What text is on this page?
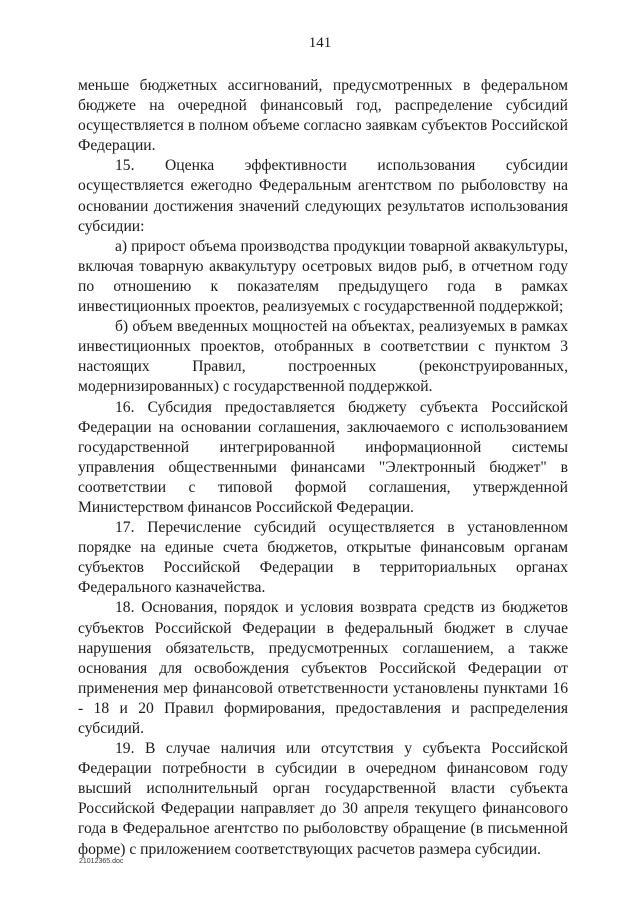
141

меньше бюджетных ассигнований, предусмотренных в федеральном бюджете на очередной финансовый год, распределение субсидий осуществляется в полном объеме согласно заявкам субъектов Российской Федерации.

15. Оценка эффективности использования субсидии осуществляется ежегодно Федеральным агентством по рыболовству на основании достижения значений следующих результатов использования субсидии:

а) прирост объема производства продукции товарной аквакультуры, включая товарную аквакультуру осетровых видов рыб, в отчетном году по отношению к показателям предыдущего года в рамках инвестиционных проектов, реализуемых с государственной поддержкой;

б) объем введенных мощностей на объектах, реализуемых в рамках инвестиционных проектов, отобранных в соответствии с пунктом 3 настоящих Правил, построенных (реконструированных, модернизированных) с государственной поддержкой.

16. Субсидия предоставляется бюджету субъекта Российской Федерации на основании соглашения, заключаемого с использованием государственной интегрированной информационной системы управления общественными финансами "Электронный бюджет" в соответствии с типовой формой соглашения, утвержденной Министерством финансов Российской Федерации.

17. Перечисление субсидий осуществляется в установленном порядке на единые счета бюджетов, открытые финансовым органам субъектов Российской Федерации в территориальных органах Федерального казначейства.

18. Основания, порядок и условия возврата средств из бюджетов субъектов Российской Федерации в федеральный бюджет в случае нарушения обязательств, предусмотренных соглашением, а также основания для освобождения субъектов Российской Федерации от применения мер финансовой ответственности установлены пунктами 16 - 18 и 20 Правил формирования, предоставления и распределения субсидий.

19. В случае наличия или отсутствия у субъекта Российской Федерации потребности в субсидии в очередном финансовом году высший исполнительный орган государственной власти субъекта Российской Федерации направляет до 30 апреля текущего финансового года в Федеральное агентство по рыболовству обращение (в письменной форме) с приложением соответствующих расчетов размера субсидии.

21012365.doc
